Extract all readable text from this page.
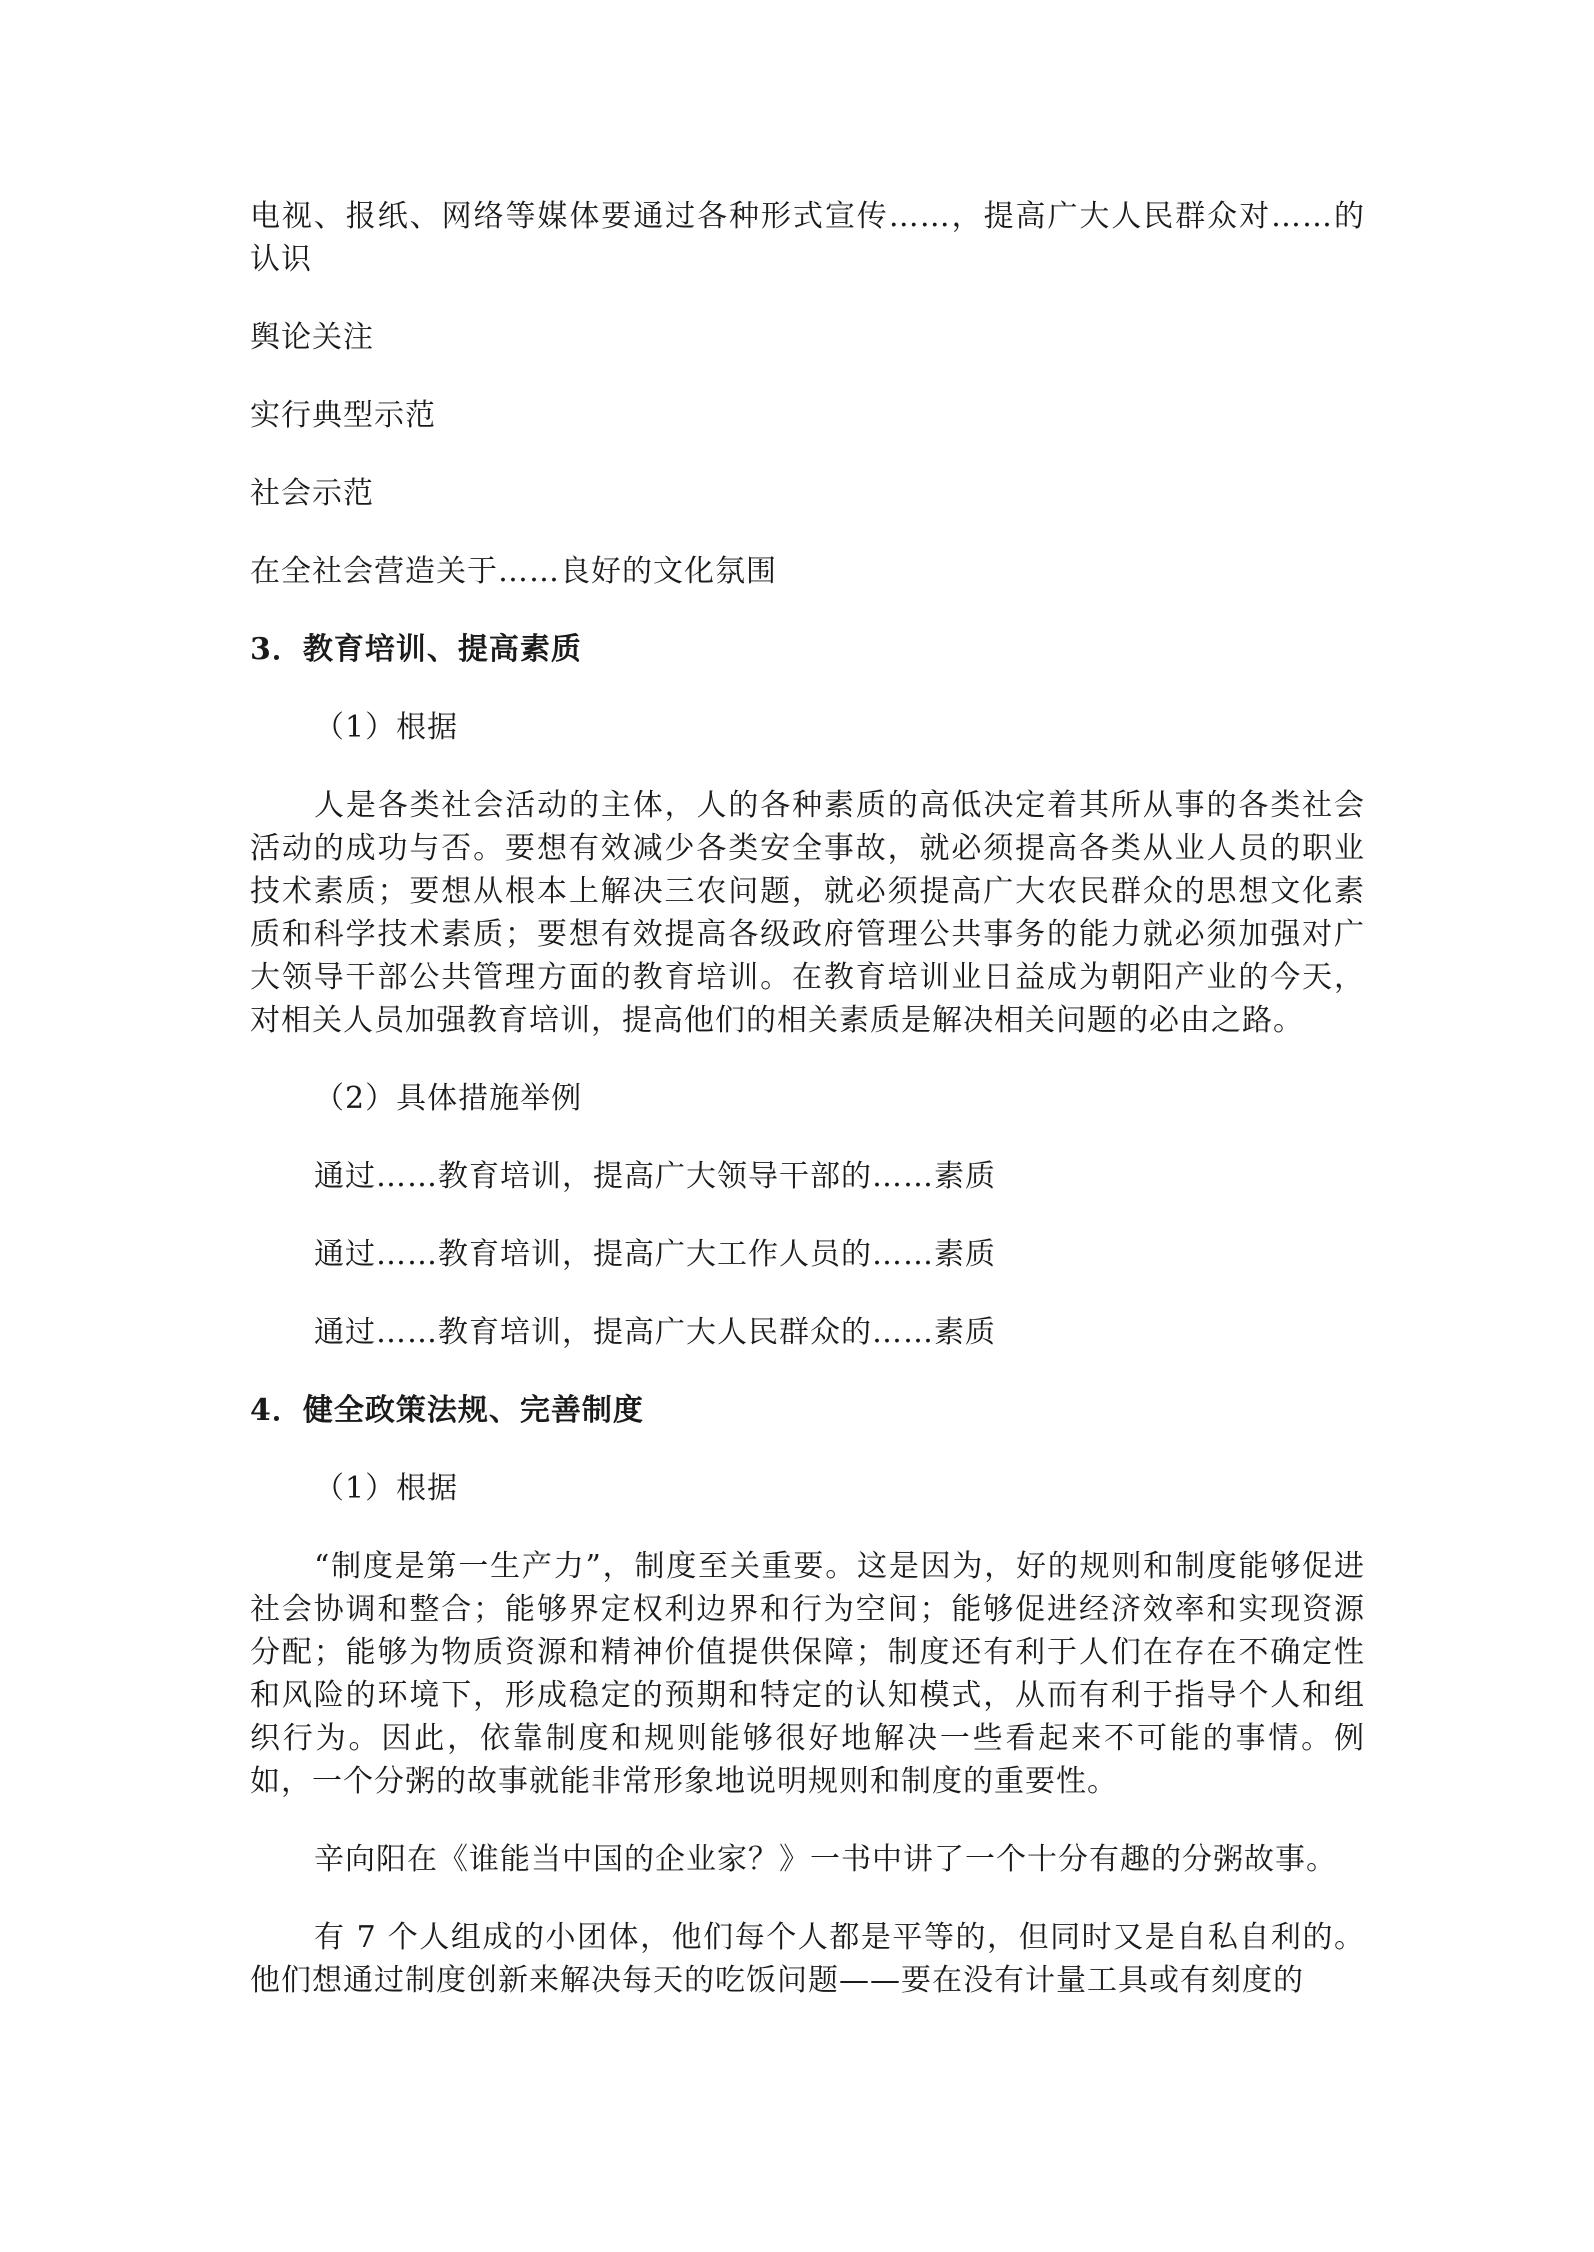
电视、报纸、网络等媒体要通过各种形式宣传……，提高广大人民群众对……的认识

舆论关注

实行典型示范

社会示范

在全社会营造关于……良好的文化氛围

3．教育培训、提高素质

（1）根据

人是各类社会活动的主体，人的各种素质的高低决定着其所从事的各类社会活动的成功与否。要想有效减少各类安全事故，就必须提高各类从业人员的职业技术素质；要想从根本上解决三农问题，就必须提高广大农民群众的思想文化素质和科学技术素质；要想有效提高各级政府管理公共事务的能力就必须加强对广大领导干部公共管理方面的教育培训。在教育培训业日益成为朝阳产业的今天，对相关人员加强教育培训，提高他们的相关素质是解决相关问题的必由之路。

（2）具体措施举例

通过……教育培训，提高广大领导干部的……素质

通过……教育培训，提高广大工作人员的……素质

通过……教育培训，提高广大人民群众的……素质

4．健全政策法规、完善制度

（1）根据

“制度是第一生产力”，制度至关重要。这是因为，好的规则和制度能够促进社会协调和整合；能够界定权利边界和行为空间；能够促进经济效率和实现资源分配；能够为物质资源和精神价值提供保障；制度还有利于人们在存在不确定性和风险的环境下，形成稳定的预期和特定的认知模式，从而有利于指导个人和组织行为。因此，依靠制度和规则能够很好地解决一些看起来不可能的事情。例如，一个分粥的故事就能非常形象地说明规则和制度的重要性。

辛向阳在《谁能当中国的企业家？》一书中讲了一个十分有趣的分粥故事。

有 7 个人组成的小团体，他们每个人都是平等的，但同时又是自私自利的。他们想通过制度创新来解决每天的吃饭问题——要在没有计量工具或有刻度的
